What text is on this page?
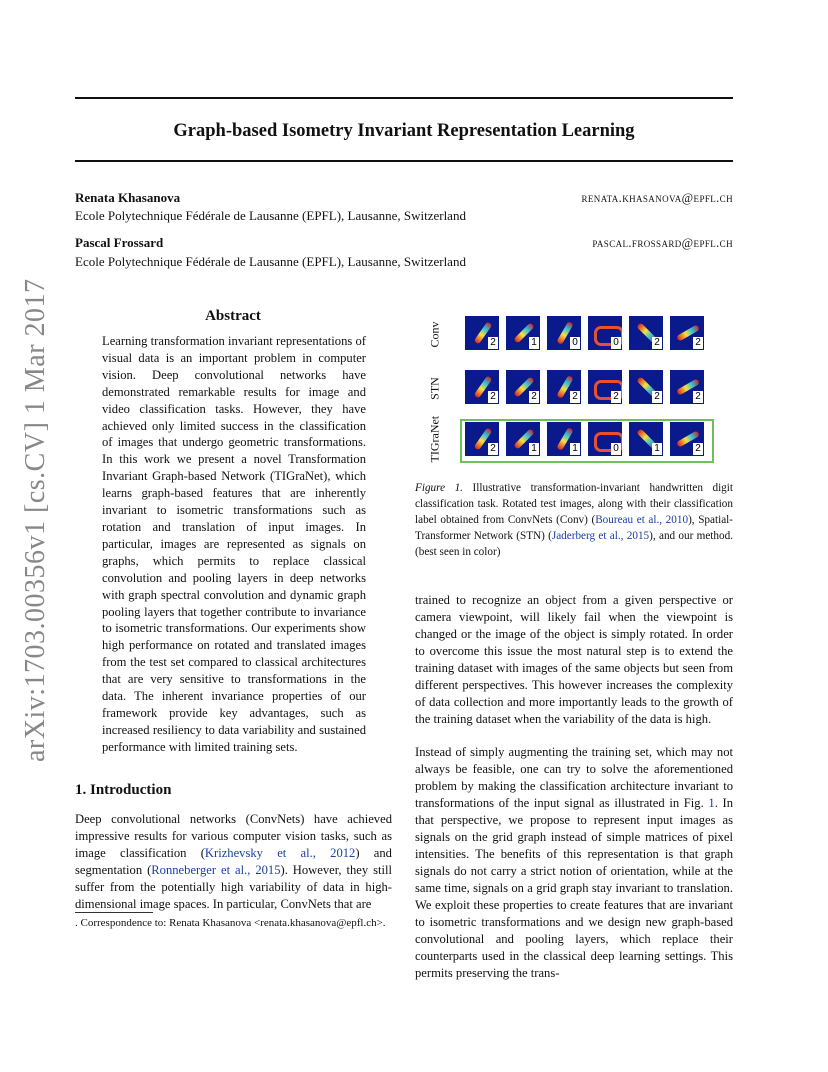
Graph-based Isometry Invariant Representation Learning
Renata Khasanova	renata.khasanova@epfl.ch
Ecole Polytechnique Fédérale de Lausanne (EPFL), Lausanne, Switzerland
Pascal Frossard	pascal.frossard@epfl.ch
Ecole Polytechnique Fédérale de Lausanne (EPFL), Lausanne, Switzerland
arXiv:1703.00356v1 [cs.CV] 1 Mar 2017	Abstract

Learning transformation invariant representations of visual data is an important problem in computer vision. Deep convolutional networks have demonstrated remarkable results for image and video classification tasks. However, they have achieved only limited success in the classification of images that undergo geometric transformations. In this work we present a novel Transformation Invariant Graph-based Network (TIGraNet), which learns graph-based features that are inherently invariant to isometric transformations such as rotation and translation of input images. In particular, images are represented as signals on graphs, which permits to replace classical convolution and pooling layers in deep networks with graph spectral convolution and dynamic graph pooling layers that together contribute to invariance to isometric transformations. Our experiments show high performance on rotated and translated images from the test set compared to classical architectures that are very sensitive to transformations in the data. The inherent invariance properties of our framework provide key advantages, such as increased resiliency to data variability and sustained performance with limited training sets.

Conv	2	1	0	0	2	2
STN	2	2	2	2	2	2
TIGraNet	2	1	1	0	1	2

Figure 1. Illustrative transformation-invariant handwritten digit classification task. Rotated test images, along with their classification label obtained from ConvNets (Conv) (Boureau et al., 2010), Spatial-Transformer Network (STN) (Jaderberg et al., 2015), and our method. (best seen in color)

1. Introduction

Deep convolutional networks (ConvNets) have achieved impressive results for various computer vision tasks, such as image classification (Krizhevsky et al., 2012) and segmentation (Ronneberger et al., 2015). However, they still suffer from the potentially high variability of data in high-dimensional image spaces. In particular, ConvNets that are

. Correspondence to: Renata Khasanova <renata.khasanova@epfl.ch>.

trained to recognize an object from a given perspective or camera viewpoint, will likely fail when the viewpoint is changed or the image of the object is simply rotated. In order to overcome this issue the most natural step is to extend the training dataset with images of the same objects but seen from different perspectives. This however increases the complexity of data collection and more importantly leads to the growth of the training dataset when the variability of the data is high.

Instead of simply augmenting the training set, which may not always be feasible, one can try to solve the aforementioned problem by making the classification architecture invariant to transformations of the input signal as illustrated in Fig. 1. In that perspective, we propose to represent input images as signals on the grid graph instead of simple matrices of pixel intensities. The benefits of this representation is that graph signals do not carry a strict notion of orientation, while at the same time, signals on a grid graph stay invariant to translation. We exploit these properties to create features that are invariant to isometric transformations and we design new graph-based convolutional and pooling layers, which replace their counterparts used in the classical deep learning settings. This permits preserving the trans-
